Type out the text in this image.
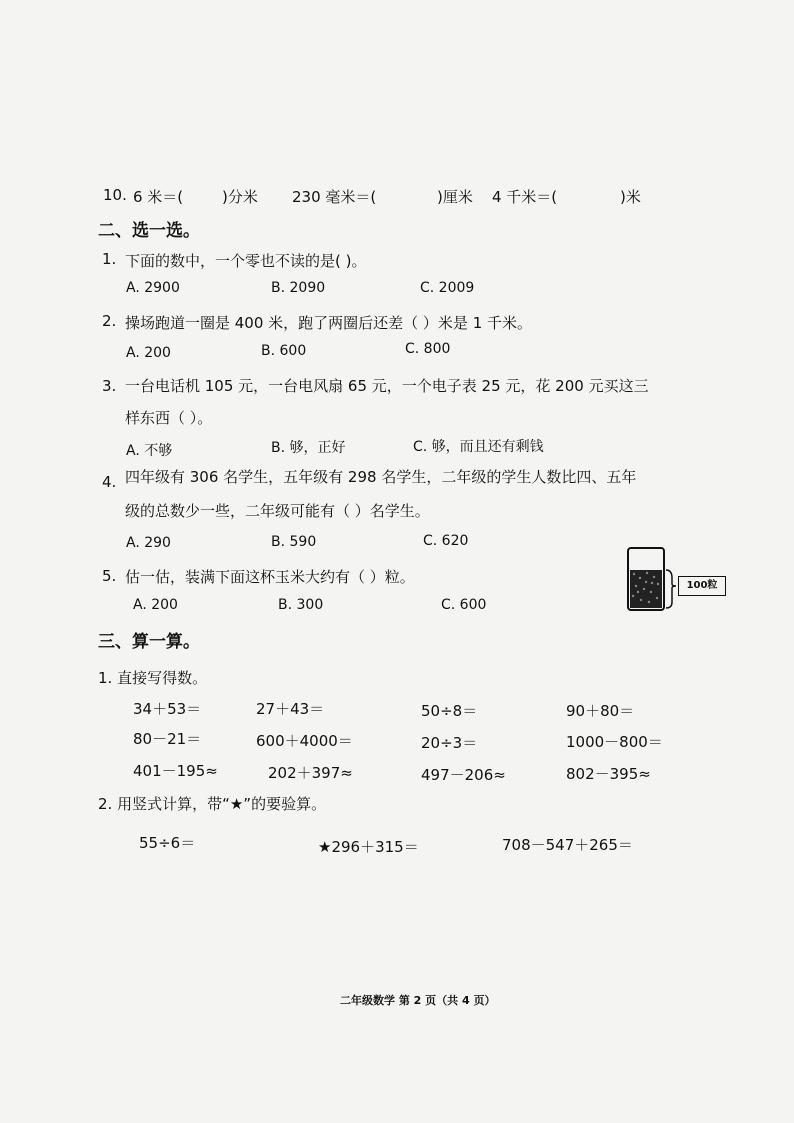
10. 6 米＝(	)分米 230 毫米＝(	)厘米 4 千米＝(	)米
二、选一选。
1. 下面的数中，一个零也不读的是( )。
A. 2900	B. 2090	C. 2009
2. 操场跑道一圈是 400 米，跑了两圈后还差（ ）米是 1 千米。
A. 200	B. 600	C. 800
3. 一台电话机 105 元，一台电风扇 65 元，一个电子表 25 元，花 200 元买这三
样东西（ ）。
A. 不够	B. 够，正好	C. 够，而且还有剩钱
4. 四年级有 306 名学生，五年级有 298 名学生，二年级的学生人数比四、五年
级的总数少一些，二年级可能有（ ）名学生。
A. 290	B. 590	C. 620
5. 估一估，装满下面这杯玉米大约有（ ）粒。
A. 200	B. 300	C. 600
100粒
三、算一算。
1. 直接写得数。
34＋53＝	27＋43＝	50÷8＝	90＋80＝
80－21＝	600＋4000＝	20÷3＝	1000－800＝
401－195≈	202＋397≈	497－206≈	802－395≈
2. 用竖式计算，带“★”的要验算。
55÷6＝	★296＋315＝	708－547＋265＝
二年级数学 第 2 页（共 4 页）
